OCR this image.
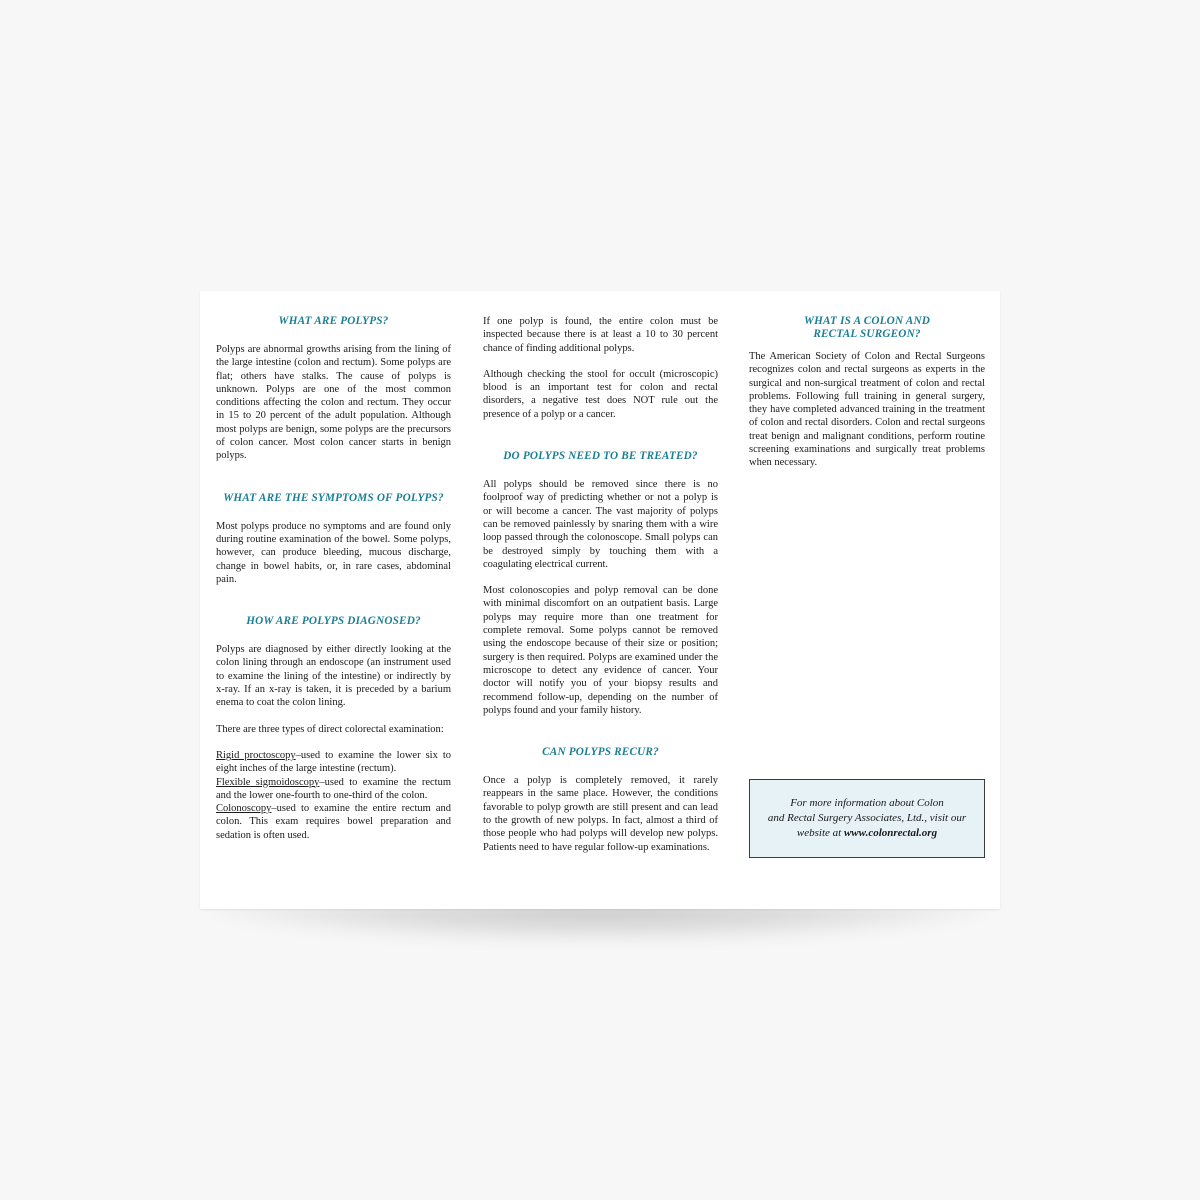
WHAT ARE POLYPS?

Polyps are abnormal growths arising from the lining of the large intestine (colon and rectum). Some polyps are flat; others have stalks. The cause of polyps is unknown. Polyps are one of the most common conditions affecting the colon and rectum. They occur in 15 to 20 percent of the adult population. Although most polyps are benign, some polyps are the precursors of colon cancer. Most colon cancer starts in benign polyps.

WHAT ARE THE SYMPTOMS OF POLYPS?

Most polyps produce no symptoms and are found only during routine examination of the bowel. Some polyps, however, can produce bleeding, mucous discharge, change in bowel habits, or, in rare cases, abdominal pain.

HOW ARE POLYPS DIAGNOSED?

Polyps are diagnosed by either directly looking at the colon lining through an endoscope (an instrument used to examine the lining of the intestine) or indirectly by x-ray. If an x-ray is taken, it is preceded by a barium enema to coat the colon lining.

There are three types of direct colorectal examination:

Rigid proctoscopy–used to examine the lower six to eight inches of the large intestine (rectum).

Flexible sigmoidoscopy–used to examine the rectum and the lower one-fourth to one-third of the colon.

Colonoscopy–used to examine the entire rectum and colon. This exam requires bowel preparation and sedation is often used.

If one polyp is found, the entire colon must be inspected because there is at least a 10 to 30 percent chance of finding additional polyps.

Although checking the stool for occult (microscopic) blood is an important test for colon and rectal disorders, a negative test does NOT rule out the presence of a polyp or a cancer.

DO POLYPS NEED TO BE TREATED?

All polyps should be removed since there is no foolproof way of predicting whether or not a polyp is or will become a cancer. The vast majority of polyps can be removed painlessly by snaring them with a wire loop passed through the colonoscope. Small polyps can be destroyed simply by touching them with a coagulating electrical current.

Most colonoscopies and polyp removal can be done with minimal discomfort on an outpatient basis. Large polyps may require more than one treatment for complete removal. Some polyps cannot be removed using the endoscope because of their size or position; surgery is then required. Polyps are examined under the microscope to detect any evidence of cancer. Your doctor will notify you of your biopsy results and recommend follow-up, depending on the number of polyps found and your family history.

CAN POLYPS RECUR?

Once a polyp is completely removed, it rarely reappears in the same place. However, the conditions favorable to polyp growth are still present and can lead to the growth of new polyps. In fact, almost a third of those people who had polyps will develop new polyps. Patients need to have regular follow-up examinations.

WHAT IS A COLON AND
RECTAL SURGEON?

The American Society of Colon and Rectal Surgeons recognizes colon and rectal surgeons as experts in the surgical and non-surgical treatment of colon and rectal problems. Following full training in general surgery, they have completed advanced training in the treatment of colon and rectal disorders. Colon and rectal surgeons treat benign and malignant conditions, perform routine screening examinations and surgically treat problems when necessary.

For more information about Colon
and Rectal Surgery Associates, Ltd., visit our
website at www.colonrectal.org
